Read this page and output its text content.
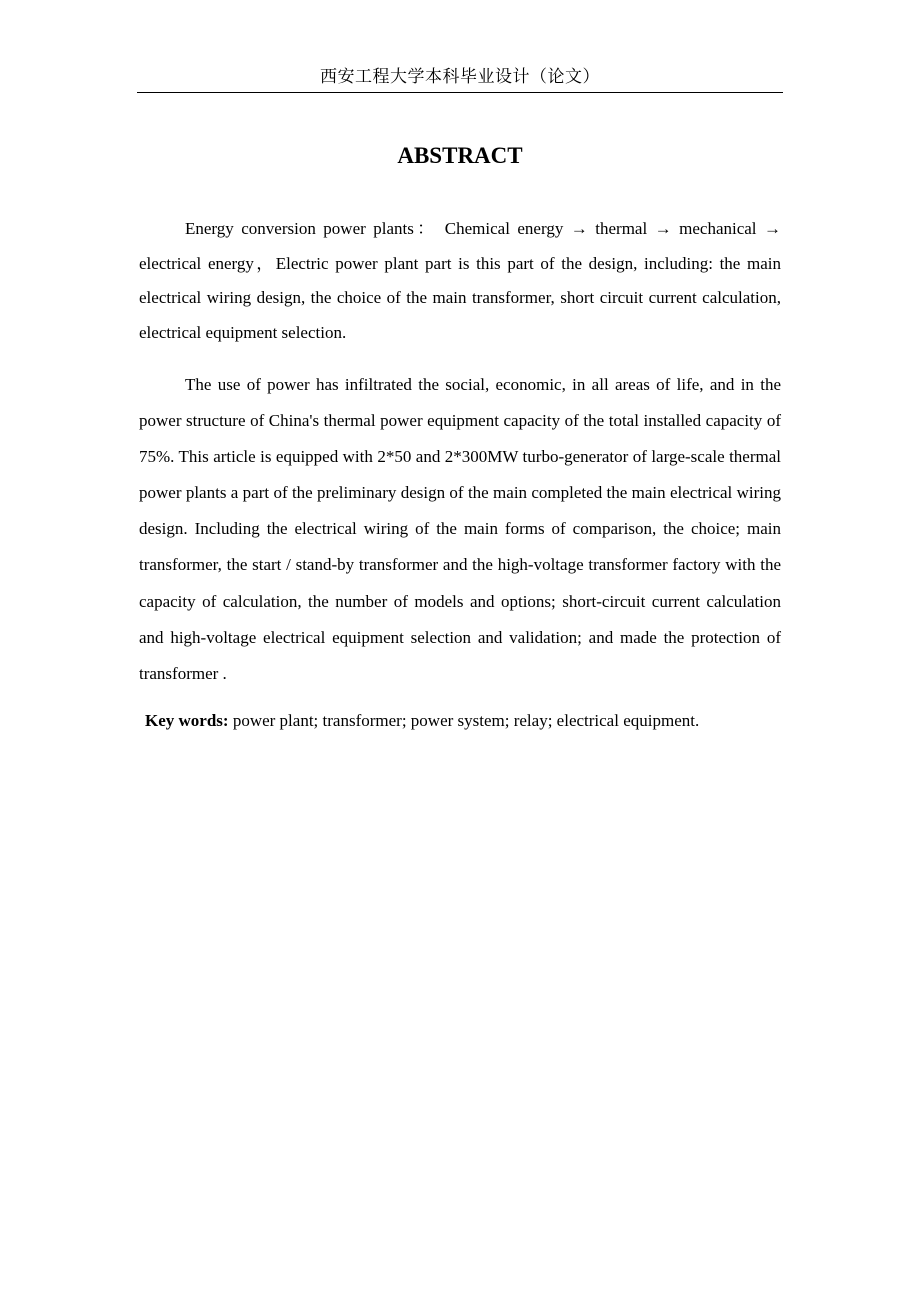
西安工程大学本科毕业设计（论文）
ABSTRACT

Energy conversion power plants： Chemical energy → thermal → mechanical → electrical energy，Electric power plant part is this part of the design, including: the main electrical wiring design, the choice of the main transformer, short circuit current calculation, electrical equipment selection.

The use of power has infiltrated the social, economic, in all areas of life, and in the power structure of China's thermal power equipment capacity of the total installed capacity of 75%. This article is equipped with 2*50 and 2*300MW turbo-generator of large-scale thermal power plants a part of the preliminary design of the main completed the main electrical wiring design. Including the electrical wiring of the main forms of comparison, the choice; main transformer, the start / stand-by transformer and the high-voltage transformer factory with the capacity of calculation, the number of models and options; short-circuit current calculation and high-voltage electrical equipment selection and validation; and made the protection of transformer .

Key words: power plant; transformer; power system; relay; electrical equipment.
